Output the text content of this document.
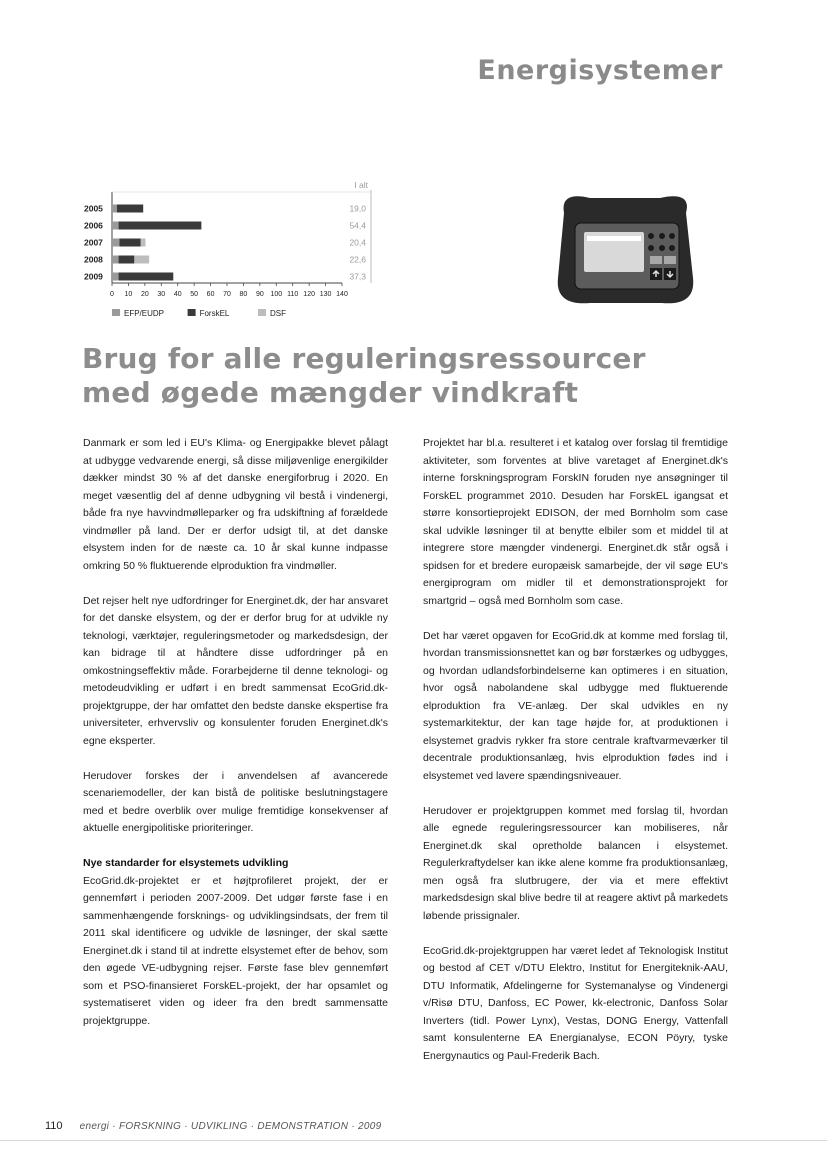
Energisystemer
I alt
2005	19,0
2006	54,4
2007	20,4
2008	22,6
2009	37,3
0 10 20 30 40 50 60 70 80 90 100 110 120 130 140
EFP/EUDP	ForskEL	DSF
Brug for alle reguleringsressourcer
med øgede mængder vindkraft

Danmark er som led i EU's Klima- og Energipakke blevet pålagt at udbygge vedvarende energi, så disse miljøvenlige energikilder dækker mindst 30 % af det danske energiforbrug i 2020. En meget væsentlig del af denne udbygning vil bestå i vindenergi, både fra nye havvindmølleparker og fra udskiftning af forældede vindmøller på land. Der er derfor udsigt til, at det danske elsystem inden for de næste ca. 10 år skal kunne indpasse omkring 50 % fluktuerende elproduktion fra vindmøller.

Det rejser helt nye udfordringer for Energinet.dk, der har ansvaret for det danske elsystem, og der er derfor brug for at udvikle ny teknologi, værktøjer, reguleringsmetoder og markedsdesign, der kan bidrage til at håndtere disse udfordringer på en omkostningseffektiv måde. Forarbejderne til denne teknologi- og metodeudvikling er udført i en bredt sammensat EcoGrid.dk-projektgruppe, der har omfattet den bedste danske ekspertise fra universiteter, erhvervsliv og konsulenter foruden Energinet.dk's egne eksperter.

Herudover forskes der i anvendelsen af avancerede scenariemodeller, der kan bistå de politiske beslutningstagere med et bedre overblik over mulige fremtidige konsekvenser af aktuelle energipolitiske prioriteringer.

Nye standarder for elsystemets udvikling

EcoGrid.dk-projektet er et højtprofileret projekt, der er gennemført i perioden 2007-2009. Det udgør første fase i en sammenhængende forsknings- og udviklingsindsats, der frem til 2011 skal identificere og udvikle de løsninger, der skal sætte Energinet.dk i stand til at indrette elsystemet efter de behov, som den øgede VE-udbygning rejser. Første fase blev gennemført som et PSO-finansieret ForskEL-projekt, der har opsamlet og systematiseret viden og ideer fra den bredt sammensatte projektgruppe.

Projektet har bl.a. resulteret i et katalog over forslag til fremtidige aktiviteter, som forventes at blive varetaget af Energinet.dk's interne forskningsprogram ForskIN foruden nye ansøgninger til ForskEL programmet 2010. Desuden har ForskEL igangsat et større konsortieprojekt EDISON, der med Bornholm som case skal udvikle løsninger til at benytte elbiler som et middel til at integrere store mængder vindenergi. Energinet.dk står også i spidsen for et bredere europæisk samarbejde, der vil søge EU's energiprogram om midler til et demonstrationsprojekt for smartgrid – også med Bornholm som case.

Det har været opgaven for EcoGrid.dk at komme med forslag til, hvordan transmissionsnettet kan og bør forstærkes og udbygges, og hvordan udlandsforbindelserne kan optimeres i en situation, hvor også nabolandene skal udbygge med fluktuerende elproduktion fra VE-anlæg. Der skal udvikles en ny systemarkitektur, der kan tage højde for, at produktionen i elsystemet gradvis rykker fra store centrale kraftvarmeværker til decentrale produktionsanlæg, hvis elproduktion fødes ind i elsystemet ved lavere spændingsniveauer.

Herudover er projektgruppen kommet med forslag til, hvordan alle egnede reguleringsressourcer kan mobiliseres, når Energinet.dk skal opretholde balancen i elsystemet. Regulerkraftydelser kan ikke alene komme fra produktionsanlæg, men også fra slutbrugere, der via et mere effektivt markedsdesign skal blive bedre til at reagere aktivt på markedets løbende prissignaler.

EcoGrid.dk-projektgruppen har været ledet af Teknologisk Institut og bestod af CET v/DTU Elektro, Institut for Energiteknik-AAU, DTU Informatik, Afdelingerne for Systemanalyse og Vindenergi v/Risø DTU, Danfoss, EC Power, kk-electronic, Danfoss Solar Inverters (tidl. Power Lynx), Vestas, DONG Energy, Vattenfall samt konsulenterne EA Energianalyse, ECON Pöyry, tyske Energynautics og Paul-Frederik Bach.

110 energi · FORSKNING · UDVIKLING · DEMONSTRATION · 2009
